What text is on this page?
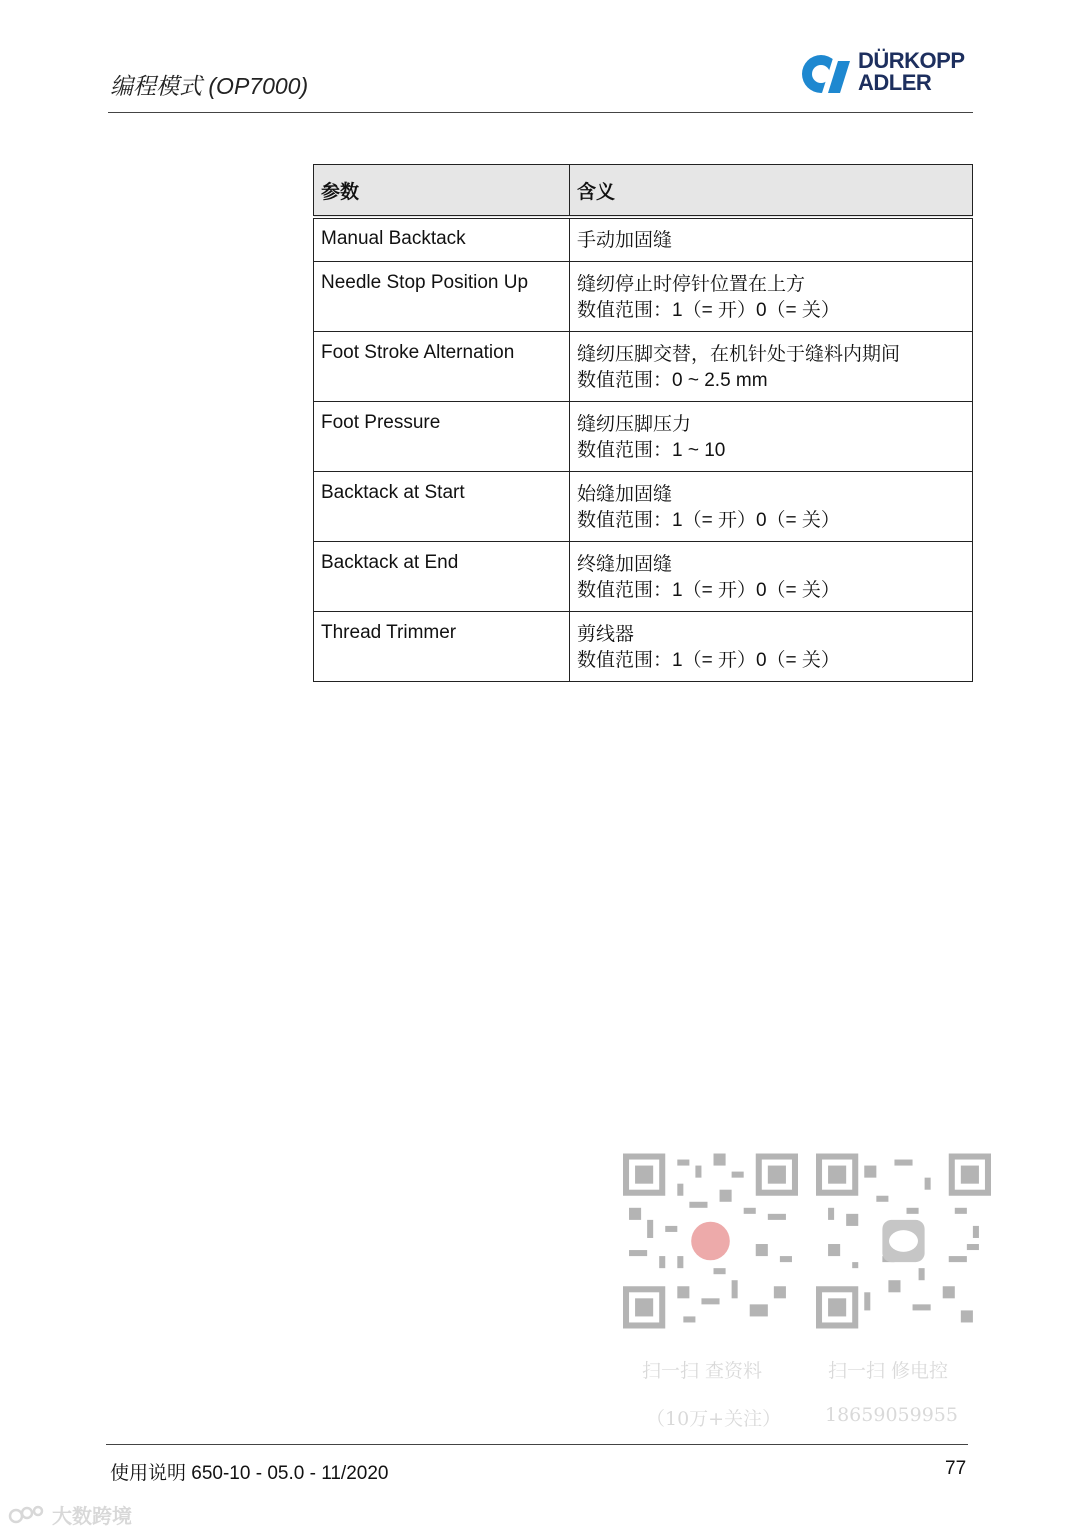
编程模式 (OP7000)
DÜRKOPP
ADLER
参数	含义
Manual Backtack	手动加固缝

Needle Stop Position Up	缝纫停止时停针位置在上方
数值范围：1（= 开）0（= 关）

Foot Stroke Alternation	缝纫压脚交替，在机针处于缝料内期间
数值范围：0 ~ 2.5 mm

Foot Pressure	缝纫压脚压力
数值范围：1 ~ 10

Backtack at Start	始缝加固缝
数值范围：1（= 开）0（= 关）

Backtack at End	终缝加固缝
数值范围：1（= 开）0（= 关）

Thread Trimmer	剪线器
数值范围：1（= 开）0（= 关）
扫一扫 查资料
（10万+关注）
扫一扫 修电控
18659059955
使用说明 650-10 - 05.0 - 11/2020	77
大数跨境
